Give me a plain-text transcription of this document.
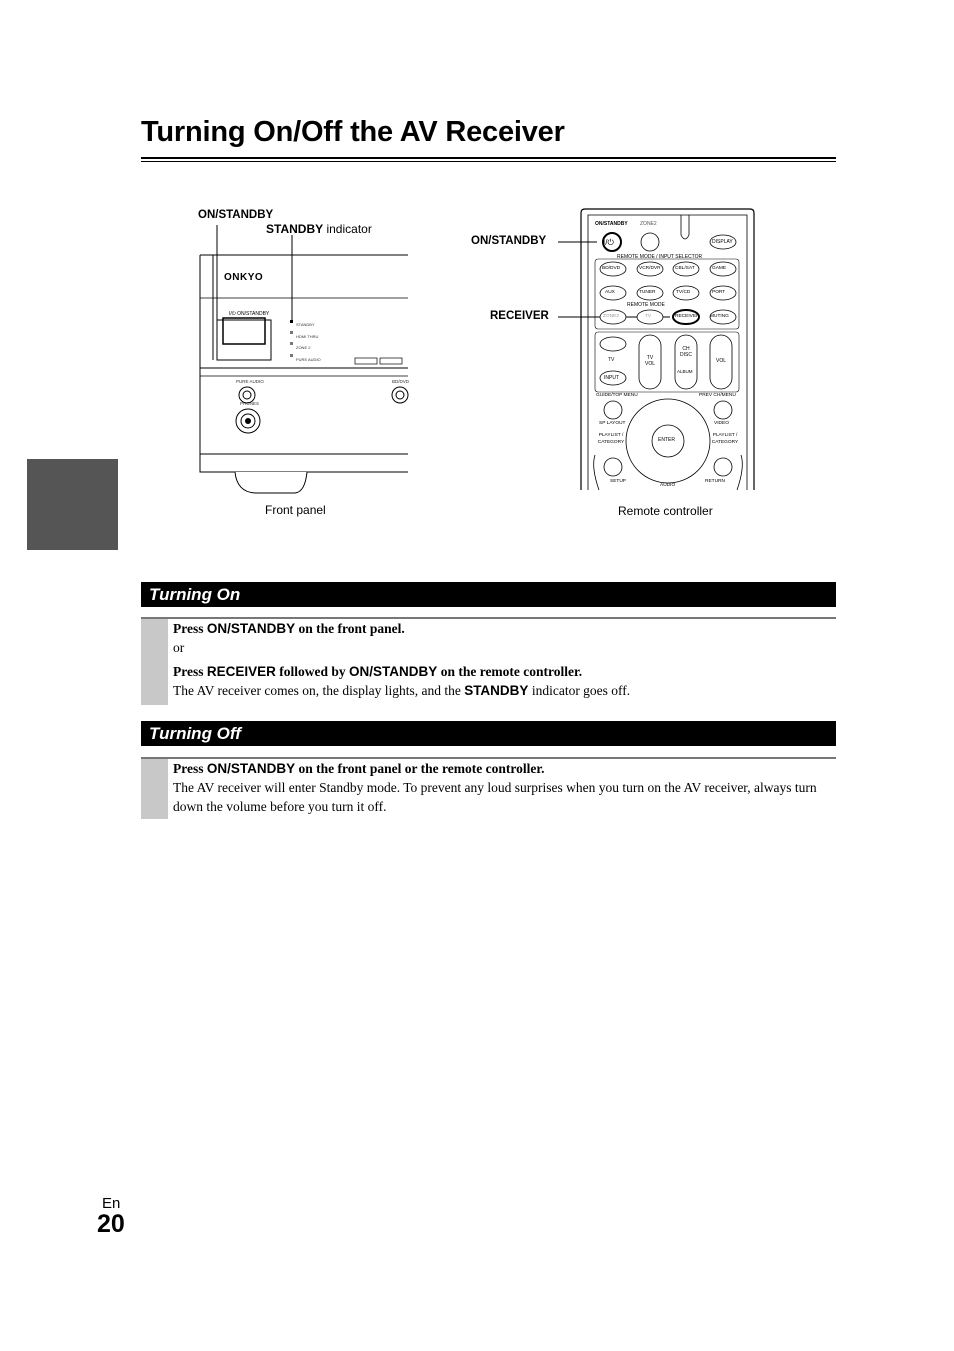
Turning On/Off the AV Receiver
ON/STANDBY
STANDBY indicator
ONKYO
I/⏻ ON/STANDBY
STANDBY
HDMI THRU
ZONE 2
PURE AUDIO
PURE AUDIO
PHONES
BD/DVD
Front panel
ON/STANDBY
RECEIVER
ON/STANDBY
I/⏻
ZONE2
DISPLAY
REMOTE MODE / INPUT SELECTOR
BD/DVD	VCR/DVR	CBL/SAT	GAME
AUX	TUNER	TV/CD	PORT
REMOTE MODE
ZONE2	TV	RECEIVER MUTING
TV
INPUT
TV VOL
CH DISC
ALBUM
VOL
GUIDE/TOP MENU	PREV CH/MENU
SP LAYOUT	VIDEO
PLAYLIST / CATEGORY
PLAYLIST / CATEGORY
ENTER
SETUP
AUDIO
RETURN
Remote controller
Turning On
Press ON/STANDBY on the front panel.
or
Press RECEIVER followed by ON/STANDBY on the remote controller.
The AV receiver comes on, the display lights, and the STANDBY indicator goes off.
Turning Off
Press ON/STANDBY on the front panel or the remote controller.
The AV receiver will enter Standby mode. To prevent any loud surprises when you turn on the AV receiver, always turn down the volume before you turn it off.
En
20
